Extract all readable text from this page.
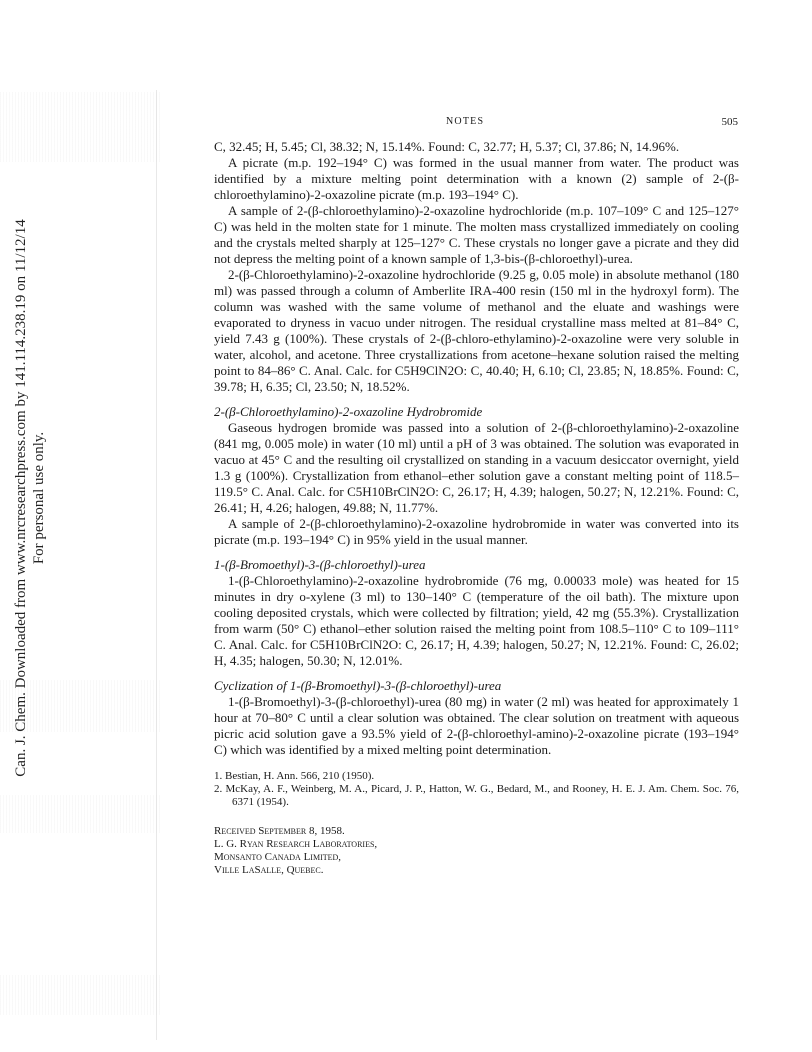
Can. J. Chem. Downloaded from www.nrcresearchpress.com by 141.114.238.19 on 11/12/14 For personal use only.
NOTES	505

C, 32.45; H, 5.45; Cl, 38.32; N, 15.14%. Found: C, 32.77; H, 5.37; Cl, 37.86; N, 14.96%.

A picrate (m.p. 192–194° C) was formed in the usual manner from water. The product was identified by a mixture melting point determination with a known (2) sample of 2-(β-chloroethylamino)-2-oxazoline picrate (m.p. 193–194° C).

A sample of 2-(β-chloroethylamino)-2-oxazoline hydrochloride (m.p. 107–109° C and 125–127° C) was held in the molten state for 1 minute. The molten mass crystallized immediately on cooling and the crystals melted sharply at 125–127° C. These crystals no longer gave a picrate and they did not depress the melting point of a known sample of 1,3-bis-(β-chloroethyl)-urea.

2-(β-Chloroethylamino)-2-oxazoline hydrochloride (9.25 g, 0.05 mole) in absolute methanol (180 ml) was passed through a column of Amberlite IRA-400 resin (150 ml in the hydroxyl form). The column was washed with the same volume of methanol and the eluate and washings were evaporated to dryness in vacuo under nitrogen. The residual crystalline mass melted at 81–84° C, yield 7.43 g (100%). These crystals of 2-(β-chloro-ethylamino)-2-oxazoline were very soluble in water, alcohol, and acetone. Three crystallizations from acetone–hexane solution raised the melting point to 84–86° C. Anal. Calc. for C5H9ClN2O: C, 40.40; H, 6.10; Cl, 23.85; N, 18.85%. Found: C, 39.78; H, 6.35; Cl, 23.50; N, 18.52%.

2-(β-Chloroethylamino)-2-oxazoline Hydrobromide

Gaseous hydrogen bromide was passed into a solution of 2-(β-chloroethylamino)-2-oxazoline (841 mg, 0.005 mole) in water (10 ml) until a pH of 3 was obtained. The solution was evaporated in vacuo at 45° C and the resulting oil crystallized on standing in a vacuum desiccator overnight, yield 1.3 g (100%). Crystallization from ethanol–ether solution gave a constant melting point of 118.5–119.5° C. Anal. Calc. for C5H10BrClN2O: C, 26.17; H, 4.39; halogen, 50.27; N, 12.21%. Found: C, 26.41; H, 4.26; halogen, 49.88; N, 11.77%.

A sample of 2-(β-chloroethylamino)-2-oxazoline hydrobromide in water was converted into its picrate (m.p. 193–194° C) in 95% yield in the usual manner.

1-(β-Bromoethyl)-3-(β-chloroethyl)-urea

1-(β-Chloroethylamino)-2-oxazoline hydrobromide (76 mg, 0.00033 mole) was heated for 15 minutes in dry o-xylene (3 ml) to 130–140° C (temperature of the oil bath). The mixture upon cooling deposited crystals, which were collected by filtration; yield, 42 mg (55.3%). Crystallization from warm (50° C) ethanol–ether solution raised the melting point from 108.5–110° C to 109–111° C. Anal. Calc. for C5H10BrClN2O: C, 26.17; H, 4.39; halogen, 50.27; N, 12.21%. Found: C, 26.02; H, 4.35; halogen, 50.30; N, 12.01%.

Cyclization of 1-(β-Bromoethyl)-3-(β-chloroethyl)-urea

1-(β-Bromoethyl)-3-(β-chloroethyl)-urea (80 mg) in water (2 ml) was heated for approximately 1 hour at 70–80° C until a clear solution was obtained. The clear solution on treatment with aqueous picric acid solution gave a 93.5% yield of 2-(β-chloroethyl-amino)-2-oxazoline picrate (193–194° C) which was identified by a mixed melting point determination.

1. Bestian, H. Ann. 566, 210 (1950).
2. McKay, A. F., Weinberg, M. A., Picard, J. P., Hatton, W. G., Bedard, M., and Rooney, H. E. J. Am. Chem. Soc. 76, 6371 (1954).
Received September 8, 1958.
L. G. Ryan Research Laboratories,
Monsanto Canada Limited,
Ville LaSalle, Quebec.
